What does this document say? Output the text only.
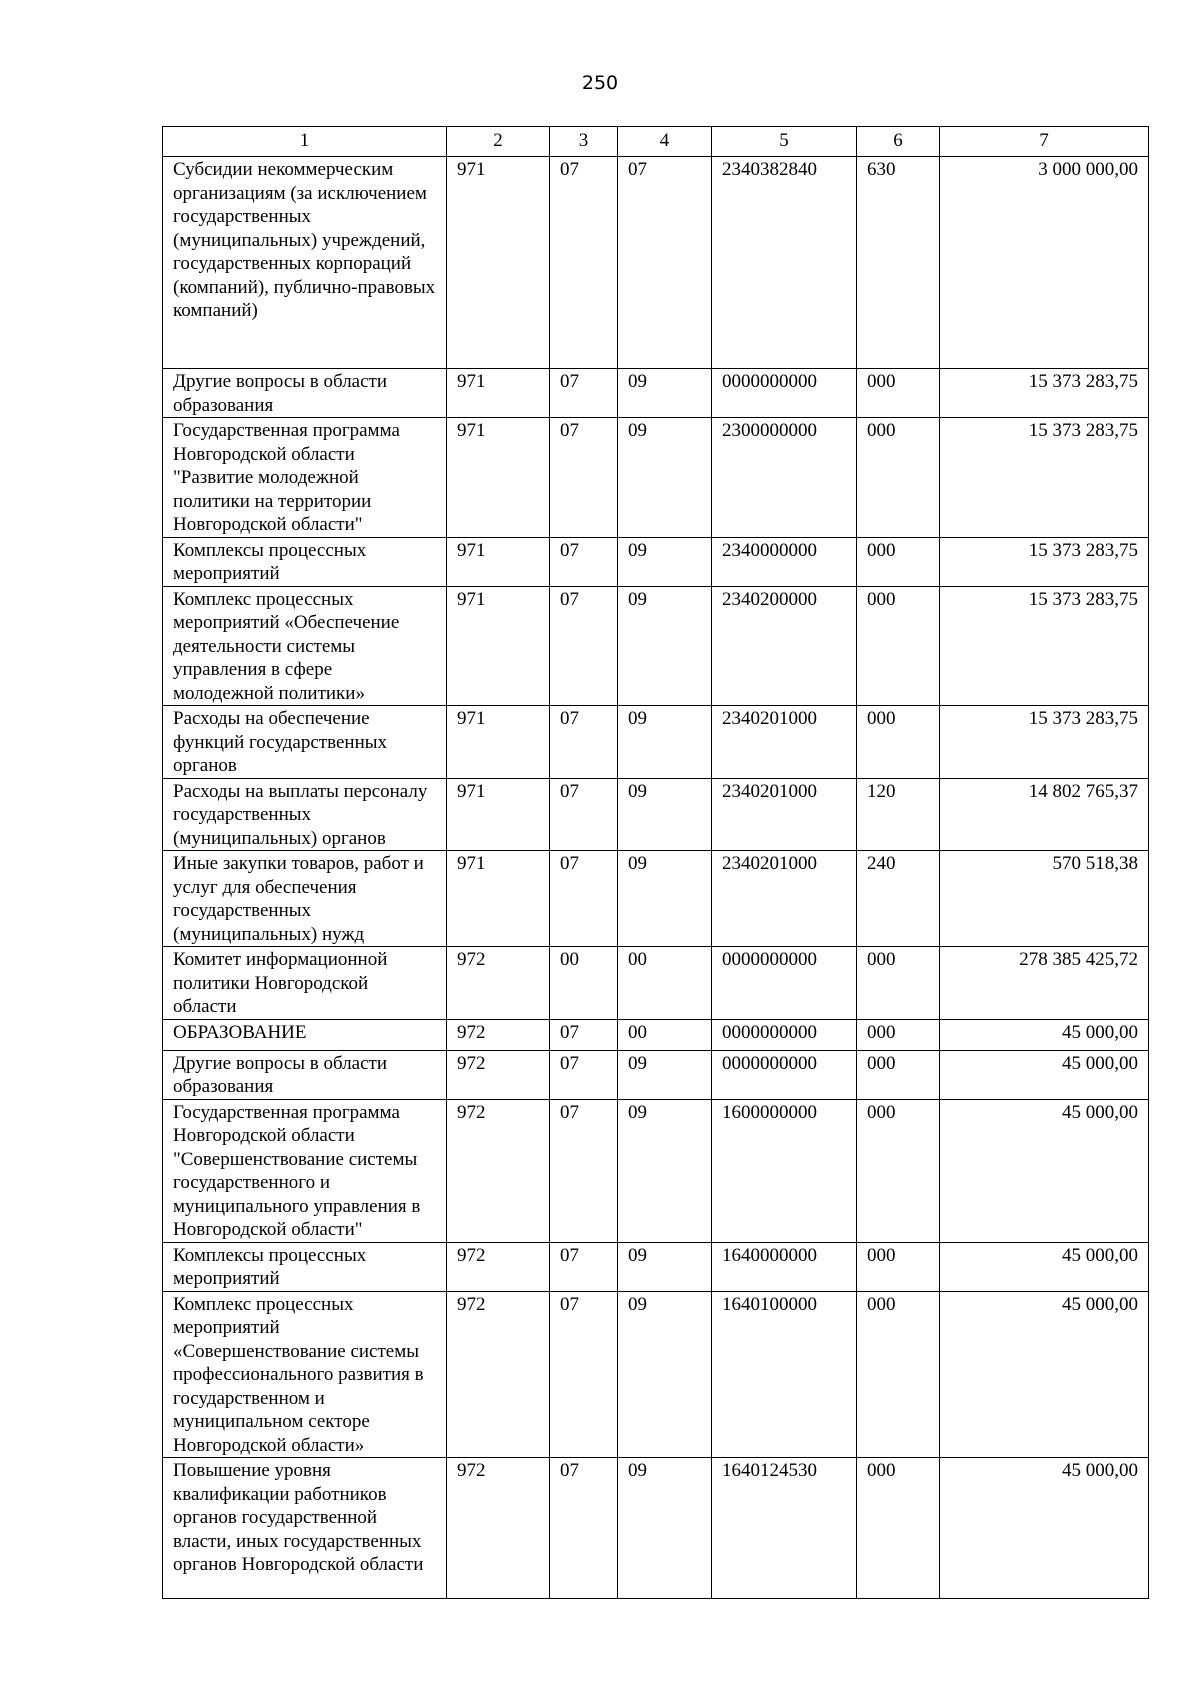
250
1	2	3	4	5	6	7
Субсидии некоммерческим организациям (за исключением государственных (муниципальных) учреждений, государственных корпораций (компаний), публично-правовых компаний)	971	07	07	2340382840	630	3 000 000,00
Другие вопросы в области образования	971	07	09	0000000000	000	15 373 283,75
Государственная программа Новгородской области "Развитие молодежной политики на территории Новгородской области"	971	07	09	2300000000	000	15 373 283,75
Комплексы процессных мероприятий	971	07	09	2340000000	000	15 373 283,75
Комплекс процессных мероприятий «Обеспечение деятельности системы управления в сфере молодежной политики»	971	07	09	2340200000	000	15 373 283,75
Расходы на обеспечение функций государственных органов	971	07	09	2340201000	000	15 373 283,75
Расходы на выплаты персоналу государственных (муниципальных) органов	971	07	09	2340201000	120	14 802 765,37
Иные закупки товаров, работ и услуг для обеспечения государственных (муниципальных) нужд	971	07	09	2340201000	240	570 518,38
Комитет информационной политики Новгородской области	972	00	00	0000000000	000	278 385 425,72
ОБРАЗОВАНИЕ	972	07	00	0000000000	000	45 000,00
Другие вопросы в области образования	972	07	09	0000000000	000	45 000,00
Государственная программа Новгородской области "Совершенствование системы государственного и муниципального управления в Новгородской области"	972	07	09	1600000000	000	45 000,00
Комплексы процессных мероприятий	972	07	09	1640000000	000	45 000,00
Комплекс процессных мероприятий «Совершенствование системы профессионального развития в государственном и муниципальном секторе Новгородской области»	972	07	09	1640100000	000	45 000,00
Повышение уровня квалификации работников органов государственной власти, иных государственных органов Новгородской области	972	07	09	1640124530	000	45 000,00
